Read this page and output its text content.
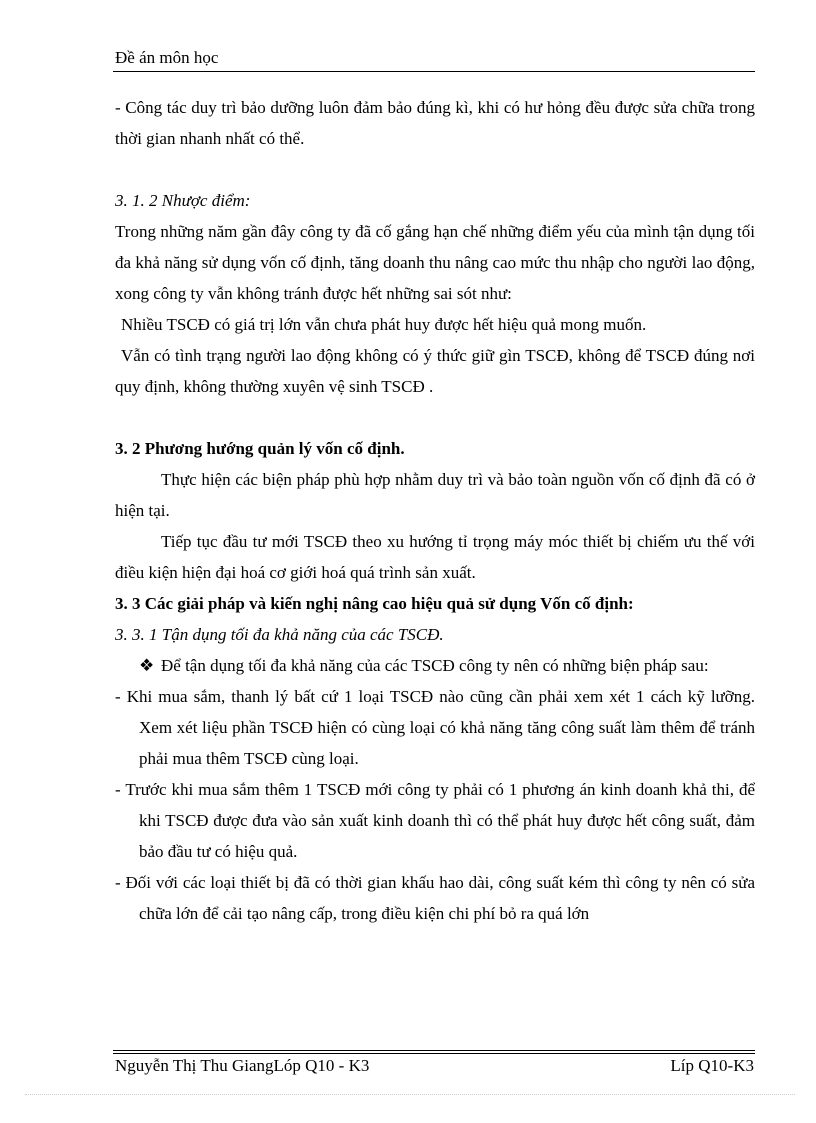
Đề án môn học

- Công tác duy trì bảo dưỡng luôn đảm bảo đúng kì, khi có hư hỏng đều được sửa chữa trong thời gian nhanh nhất có thể.

3. 1. 2 Nhược điểm:

Trong những năm gần đây công ty đã cố gắng hạn chế những điểm yếu của mình tận dụng tối đa khả năng sử dụng vốn cố định, tăng doanh thu nâng cao mức thu nhập cho người lao động, xong công ty vẫn không tránh được hết những sai sót như:

Nhiều TSCĐ có giá trị lớn vẫn chưa phát huy được hết hiệu quả mong muốn.

Vẫn có tình trạng người lao động không có ý thức giữ gìn TSCĐ, không để TSCĐ đúng nơi quy định, không thường xuyên vệ sinh TSCĐ .

3. 2 Phương hướng quản lý vốn cố định.

Thực hiện các biện pháp phù hợp nhằm duy trì và bảo toàn nguồn vốn cố định đã có ở hiện tại.

Tiếp tục đầu tư mới TSCĐ theo xu hướng tỉ trọng máy móc thiết bị chiếm ưu thế với điều kiện hiện đại hoá cơ giới hoá quá trình sản xuất.

3. 3 Các giải pháp và kiến nghị nâng cao hiệu quả sử dụng Vốn cố định:

3. 3. 1 Tận dụng tối đa khả năng của các TSCĐ.

❖ Để tận dụng tối đa khả năng của các TSCĐ công ty nên có những biện pháp sau:

- Khi mua sắm, thanh lý bất cứ 1 loại TSCĐ nào cũng cần phải xem xét 1 cách kỹ lưỡng. Xem xét liệu phần TSCĐ hiện có cùng loại có khả năng tăng công suất làm thêm để tránh phải mua thêm TSCĐ cùng loại.

- Trước khi mua sắm thêm 1 TSCĐ mới công ty phải có 1 phương án kinh doanh khả thi, để khi TSCĐ được đưa vào sản xuất kinh doanh thì có thể phát huy được hết công suất, đảm bảo đầu tư có hiệu quả.

- Đối với các loại thiết bị đã có thời gian khấu hao dài, công suất kém thì công ty nên có sửa chữa lớn để cải tạo nâng cấp, trong điều kiện chi phí bỏ ra quá lớn

Nguyễn Thị Thu GiangLóp Q10 - K3	Líp Q10-K3
